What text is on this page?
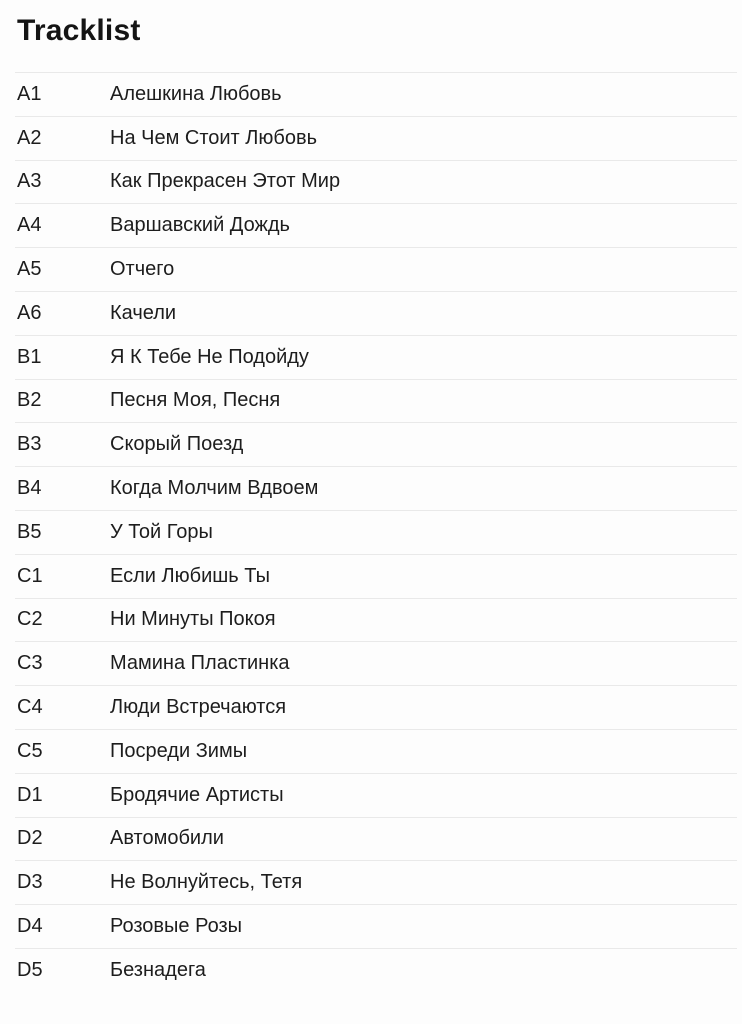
Tracklist
A1	Алешкина Любовь
A2	На Чем Стоит Любовь
A3	Как Прекрасен Этот Мир
A4	Варшавский Дождь
A5	Отчего
A6	Качели
B1	Я К Тебе Не Подойду
B2	Песня Моя, Песня
B3	Скорый Поезд
B4	Когда Молчим Вдвоем
B5	У Той Горы
C1	Если Любишь Ты
C2	Ни Минуты Покоя
C3	Мамина Пластинка
C4	Люди Встречаются
C5	Посреди Зимы
D1	Бродячие Артисты
D2	Автомобили
D3	Не Волнуйтесь, Тетя
D4	Розовые Розы
D5	Безнадега
